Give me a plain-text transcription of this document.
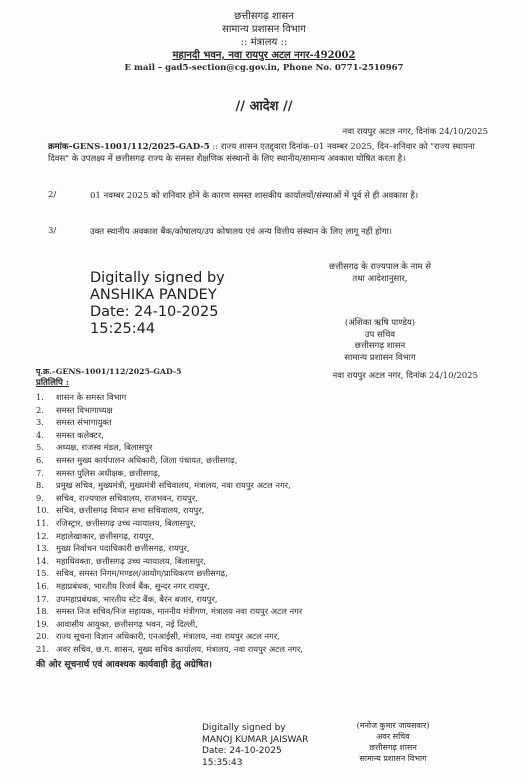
छत्तीसगढ़ शासन
सामान्य प्रशासन विभाग
:: मंत्रालय ::
महानदी भवन, नवा रायपुर अटल नगर-492002
E mail – gad5-section@cg.gov.in, Phone No. 0771-2510967
// आदेश //
नवा रायपुर अटल नगर, दिनांक 24/10/2025
क्रमांक–GENS-1001/112/2025-GAD-5 :: राज्य शासन एतद्द्वारा दिनांक–01 नवम्बर 2025, दिन–शनिवार को "राज्य स्थापना दिवस" के उपलक्ष्य में छत्तीसगढ़ राज्य के समस्त शैक्षणिक संस्थानों के लिए स्थानीय/सामान्य अवकाश घोषित करता है।
2/	01 नवम्बर 2025 को शनिवार होने के कारण समस्त शासकीय कार्यालयों/संस्थाओं में पूर्व से ही अवकाश है।
3/	उक्त स्थानीय अवकाश बैंक/कोषालय/उप कोषालय एवं अन्य वित्तीय संस्थान के लिए लागू नहीं होगा।
Digitally signed by
ANSHIKA PANDEY
Date: 24-10-2025
15:25:44
छत्तीसगढ़ के राज्यपाल के नाम से
तथा आदेशानुसार,
(अंशिका ऋषि पाण्डेय)
उप सचिव
छत्तीसगढ़ शासन
सामान्य प्रशासन विभाग
पृ.क्र.–GENS-1001/112/2025-GAD-5	नवा रायपुर अटल नगर, दिनांक 24/10/2025
प्रतिलिपि :
1. शासन के समस्त विभाग
2. समस्त विभागाध्यक्ष
3. समस्त संभागायुक्त
4. समस्त कलेक्टर,
5. अध्यक्ष, राजस्व मंडल, बिलासपुर
6. समस्त मुख्य कार्यपालन अधिकारी, जिला पंचायत, छत्तीसगढ़,
7. समस्त पुलिस अधीक्षक, छत्तीसगढ़,
8. प्रमुख सचिव, मुख्यमंत्री, मुख्यमंत्री सचिवालय, मंत्रालय, नवा रायपुर अटल नगर,
9. सचिव, राज्यपाल सचिवालय, राजभवन, रायपुर,
10. सचिव, छत्तीसगढ़ विधान सभा सचिवालय, रायपुर,
11. रजिस्ट्रार, छत्तीसगढ़ उच्च न्यायालय, बिलासपुर,
12. महालेखाकार, छत्तीसगढ़, रायपुर,
13. मुख्य निर्वाचन पदाधिकारी छत्तीसगढ़, रायपुर,
14. महाधिवक्ता, छत्तीसगढ़ उच्च न्यायालय, बिलासपुर,
15. सचिव, समस्त निगम/मण्डल/आयोग/प्राधिकरण छत्तीसगढ़,
16. महाप्रबंधक, भारतीय रिजर्व बैंक, सुन्दर नगर रायपुर,
17. उपमहाप्रबंधक, भारतीय स्टेट बैंक, बैरन बजार, रायपुर,
18. समस्त निज सचिव/निज सहायक, माननीय मंत्रीगण, मंत्रालय नवा रायपुर अटल नगर
19. आवासीय आयुक्त, छत्तीसगढ़ भवन, नई दिल्ली,
20. राज्य सूचना विज्ञान अधिकारी, एनआईसी, मंत्रालय, नवा रायपुर अटल नगर,
21. अवर सचिव, छ.ग. शासन, मुख्य सचिव कार्यालय, मंत्रालय, नवा रायपुर अटल नगर,
की ओर सूचनार्थ एवं आवश्यक कार्यवाही हेतु अग्रेषित।
Digitally signed by
MANOJ KUMAR JAISWAR
Date: 24-10-2025
15:35:43
(मनोज कुमार जायसवार)
अवर सचिव
छत्तीसगढ़ शासन
सामान्य प्रशासन विभाग
